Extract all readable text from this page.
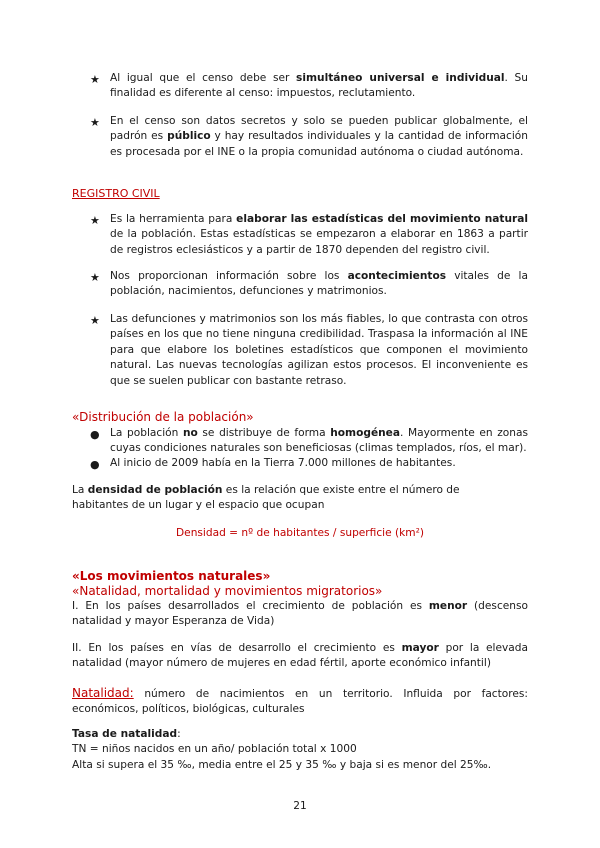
★ Al igual que el censo debe ser simultáneo universal e individual. Su finalidad es diferente al censo: impuestos, reclutamiento.
★ En el censo son datos secretos y solo se pueden publicar globalmente, el padrón es público y hay resultados individuales y la cantidad de información es procesada por el INE o la propia comunidad autónoma o ciudad autónoma.
REGISTRO CIVIL
★ Es la herramienta para elaborar las estadísticas del movimiento natural de la población. Estas estadísticas se empezaron a elaborar en 1863 a partir de registros eclesiásticos y a partir de 1870 dependen del registro civil.
★ Nos proporcionan información sobre los acontecimientos vitales de la población, nacimientos, defunciones y matrimonios.
★ Las defunciones y matrimonios son los más fiables, lo que contrasta con otros países en los que no tiene ninguna credibilidad. Traspasa la información al INE para que elabore los boletines estadísticos que componen el movimiento natural. Las nuevas tecnologías agilizan estos procesos. El inconveniente es que se suelen publicar con bastante retraso.
«Distribución de la población»
● La población no se distribuye de forma homogénea. Mayormente en zonas cuyas condiciones naturales son beneficiosas (climas templados, ríos, el mar).
● Al inicio de 2009 había en la Tierra 7.000 millones de habitantes.
La densidad de población es la relación que existe entre el número de habitantes de un lugar y el espacio que ocupan
Densidad = nº de habitantes / superficie (km²)
«Los movimientos naturales»
«Natalidad, mortalidad y movimientos migratorios»
I. En los países desarrollados el crecimiento de población es menor (descenso natalidad y mayor Esperanza de Vida)
II. En los países en vías de desarrollo el crecimiento es mayor por la elevada natalidad (mayor número de mujeres en edad fértil, aporte económico infantil)
Natalidad: número de nacimientos en un territorio. Influida por factores: económicos, políticos, biológicas, culturales
Tasa de natalidad:
TN = niños nacidos en un año/ población total x 1000
Alta si supera el 35 ‰, media entre el 25 y 35 ‰ y baja si es menor del 25‰.
21
